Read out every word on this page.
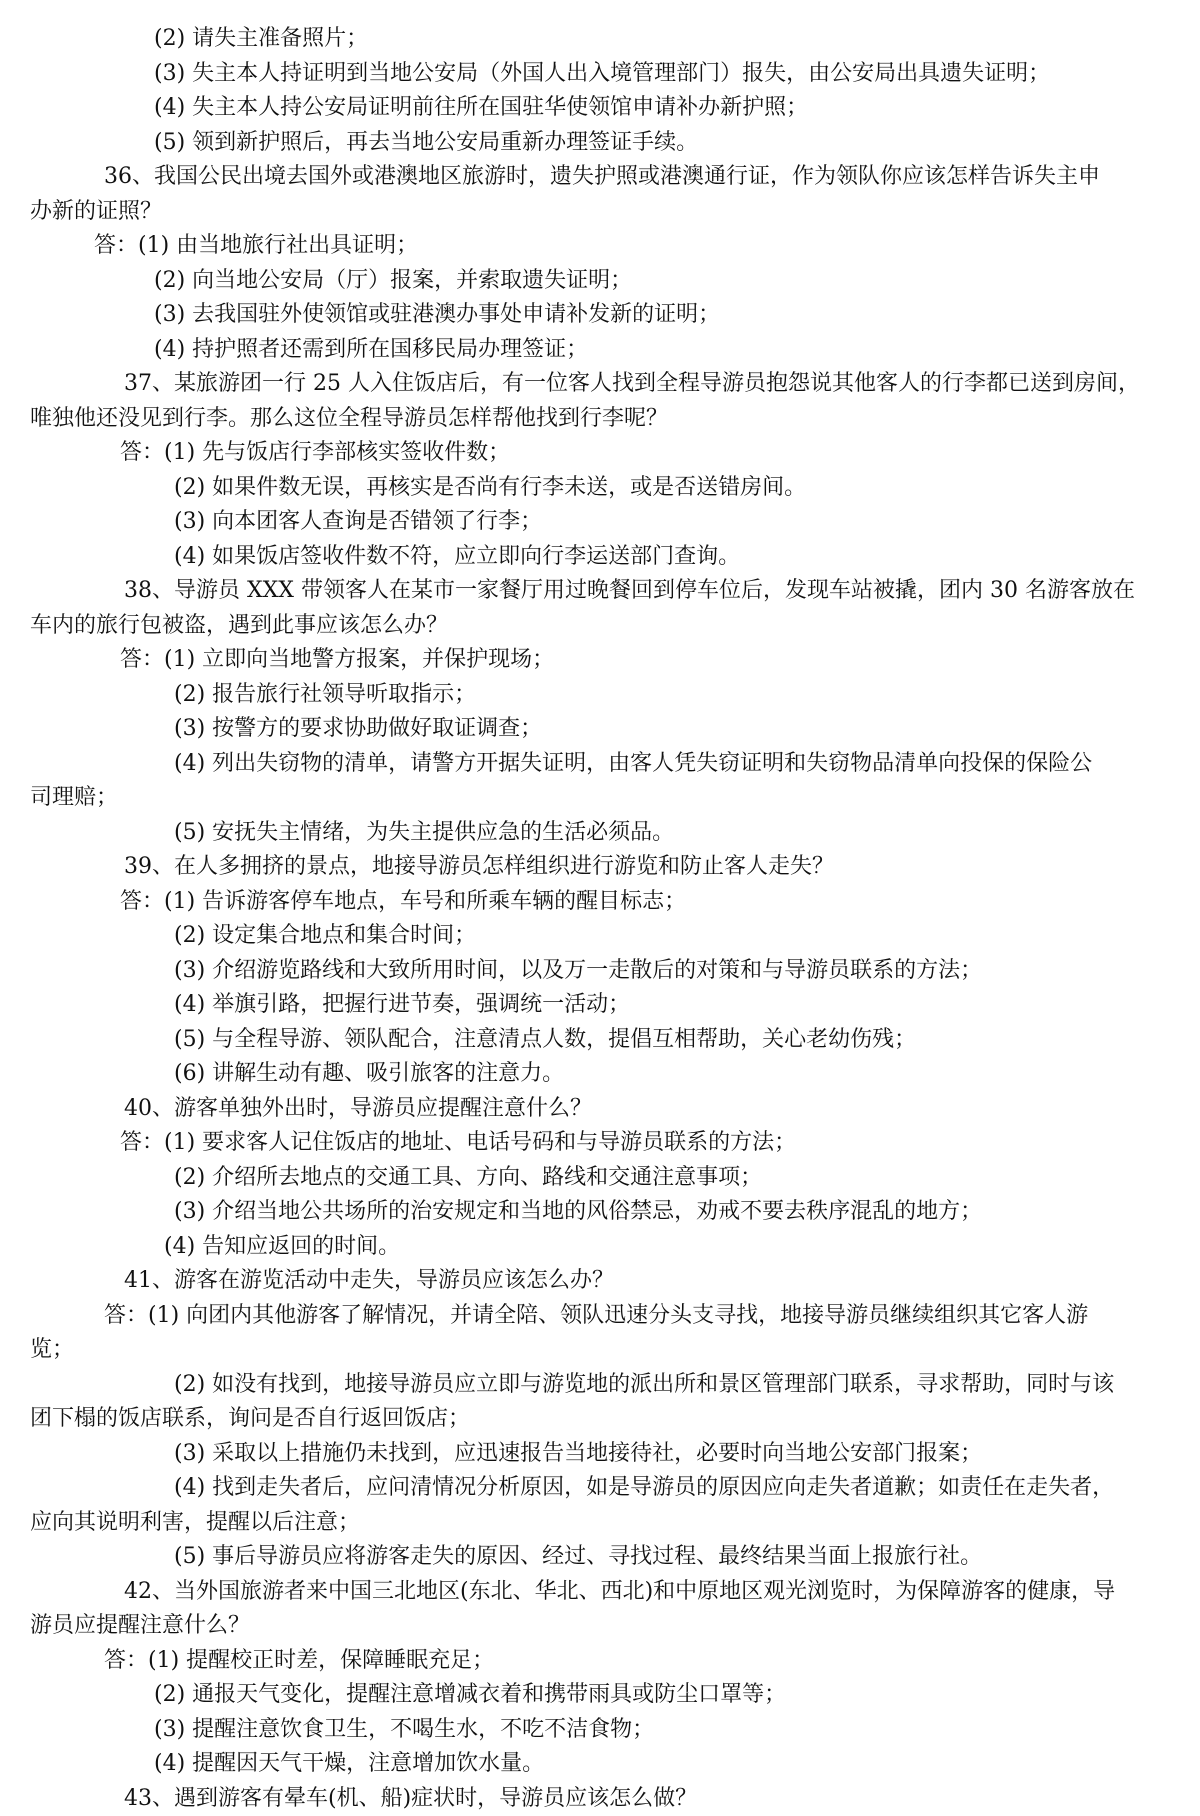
(2) 请失主准备照片；
(3) 失主本人持证明到当地公安局（外国人出入境管理部门）报失，由公安局出具遗失证明；
(4) 失主本人持公安局证明前往所在国驻华使领馆申请补办新护照；
(5) 领到新护照后，再去当地公安局重新办理签证手续。
36、我国公民出境去国外或港澳地区旅游时，遗失护照或港澳通行证，作为领队你应该怎样告诉失主申
办新的证照？
答：(1) 由当地旅行社出具证明；
(2) 向当地公安局（厅）报案，并索取遗失证明；
(3) 去我国驻外使领馆或驻港澳办事处申请补发新的证明；
(4) 持护照者还需到所在国移民局办理签证；
37、某旅游团一行 25 人入住饭店后，有一位客人找到全程导游员抱怨说其他客人的行李都已送到房间，
唯独他还没见到行李。那么这位全程导游员怎样帮他找到行李呢？
答：(1) 先与饭店行李部核实签收件数；
(2) 如果件数无误，再核实是否尚有行李未送，或是否送错房间。
(3) 向本团客人查询是否错领了行李；
(4) 如果饭店签收件数不符，应立即向行李运送部门查询。
38、导游员 XXX 带领客人在某市一家餐厅用过晚餐回到停车位后，发现车站被撬，团内 30 名游客放在
车内的旅行包被盗，遇到此事应该怎么办？
答：(1) 立即向当地警方报案，并保护现场；
(2) 报告旅行社领导听取指示；
(3) 按警方的要求协助做好取证调查；
(4) 列出失窃物的清单，请警方开据失证明，由客人凭失窃证明和失窃物品清单向投保的保险公
司理赔；
(5) 安抚失主情绪，为失主提供应急的生活必须品。
39、在人多拥挤的景点，地接导游员怎样组织进行游览和防止客人走失？
答：(1) 告诉游客停车地点，车号和所乘车辆的醒目标志；
(2) 设定集合地点和集合时间；
(3) 介绍游览路线和大致所用时间，以及万一走散后的对策和与导游员联系的方法；
(4) 举旗引路，把握行进节奏，强调统一活动；
(5) 与全程导游、领队配合，注意清点人数，提倡互相帮助，关心老幼伤残；
(6) 讲解生动有趣、吸引旅客的注意力。
40、游客单独外出时，导游员应提醒注意什么？
答：(1) 要求客人记住饭店的地址、电话号码和与导游员联系的方法；
(2) 介绍所去地点的交通工具、方向、路线和交通注意事项；
(3) 介绍当地公共场所的治安规定和当地的风俗禁忌，劝戒不要去秩序混乱的地方；
(4) 告知应返回的时间。
41、游客在游览活动中走失，导游员应该怎么办？
答：(1) 向团内其他游客了解情况，并请全陪、领队迅速分头支寻找，地接导游员继续组织其它客人游
览；
(2) 如没有找到，地接导游员应立即与游览地的派出所和景区管理部门联系，寻求帮助，同时与该
团下榻的饭店联系，询问是否自行返回饭店；
(3) 采取以上措施仍未找到，应迅速报告当地接待社，必要时向当地公安部门报案；
(4) 找到走失者后，应问清情况分析原因，如是导游员的原因应向走失者道歉；如责任在走失者，
应向其说明利害，提醒以后注意；
(5) 事后导游员应将游客走失的原因、经过、寻找过程、最终结果当面上报旅行社。
42、当外国旅游者来中国三北地区(东北、华北、西北)和中原地区观光浏览时，为保障游客的健康，导
游员应提醒注意什么？
答：(1) 提醒校正时差，保障睡眠充足；
(2) 通报天气变化，提醒注意增减衣着和携带雨具或防尘口罩等；
(3) 提醒注意饮食卫生，不喝生水，不吃不洁食物；
(4) 提醒因天气干燥，注意增加饮水量。
43、遇到游客有晕车(机、船)症状时，导游员应该怎么做？
